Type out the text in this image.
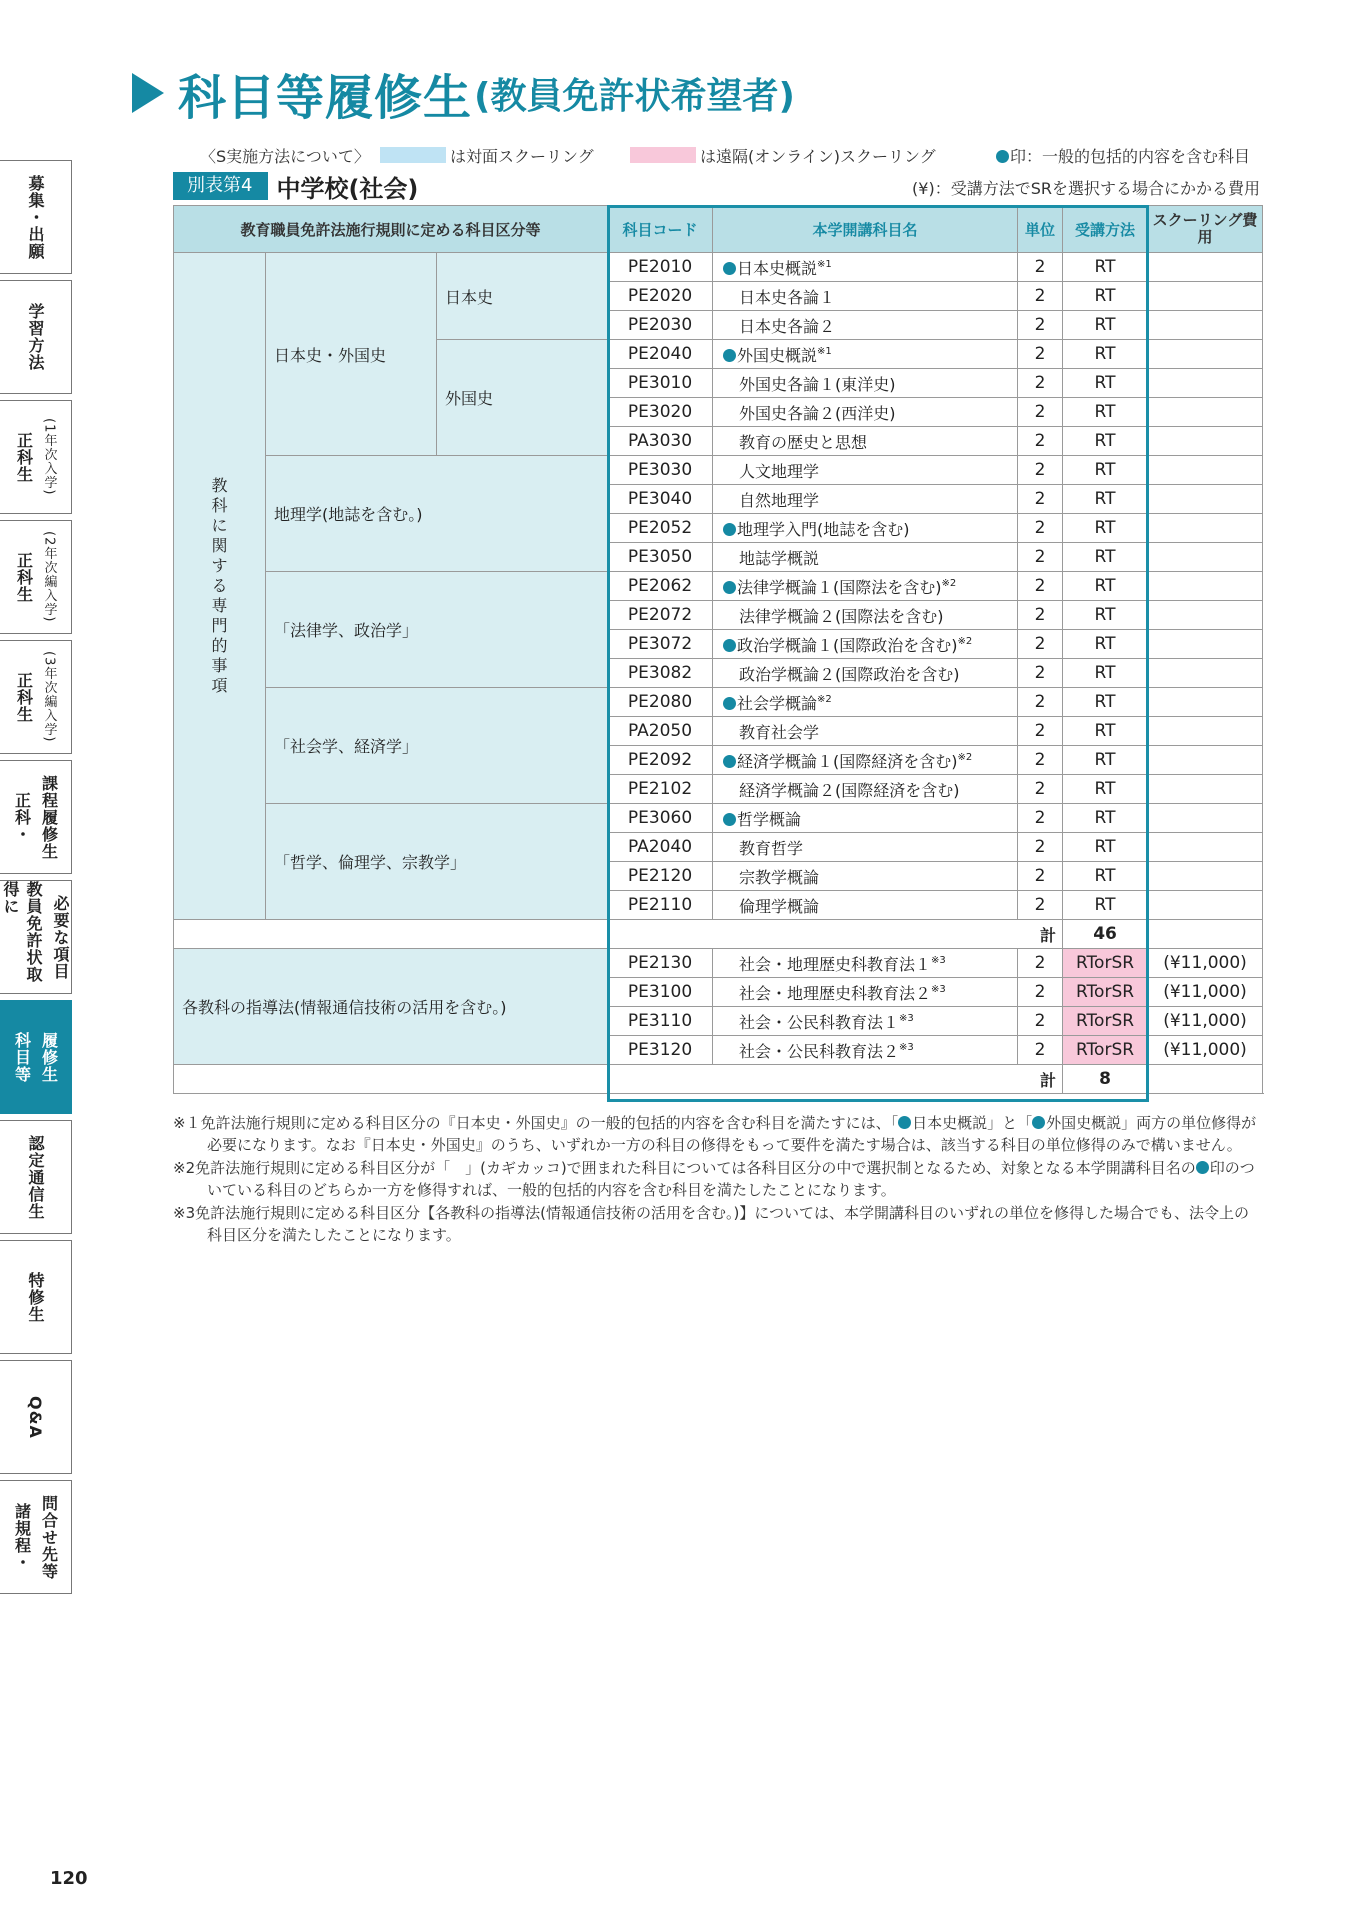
科目等履修生 (教員免許状希望者)
〈S実施方法について〉	は対面スクーリング	は遠隔(オンライン)スクーリング	印：一般的包括的内容を含む科目
別表第4	中学校(社会)	(¥)：受講方法でSRを選択する場合にかかる費用
教育職員免許法施行規則に定める科目区分等			科目コード	本学開講科目名	単位	受講方法	スクーリング費用
教科に関する専門的事項	日本史・外国史	日本史	PE2010	日本史概説$^{※1}$	2	RT	
			PE2020	日本史各論１	2	RT	
			PE2030	日本史各論２	2	RT	
		外国史	PE2040	外国史概説$^{※1}$	2	RT	
			PE3010	外国史各論１(東洋史)	2	RT	
			PE3020	外国史各論２(西洋史)	2	RT	
			PA3030	教育の歴史と思想	2	RT	
	地理学(地誌を含む。)		PE3030	人文地理学	2	RT	
			PE3040	自然地理学	2	RT	
			PE2052	地理学入門(地誌を含む)	2	RT	
			PE3050	地誌学概説	2	RT	
	「法律学、政治学」		PE2062	法律学概論１(国際法を含む)$^{※2}$	2	RT	
			PE2072	法律学概論２(国際法を含む)	2	RT	
			PE3072	政治学概論１(国際政治を含む)$^{※2}$	2	RT	
			PE3082	政治学概論２(国際政治を含む)	2	RT	
	「社会学、経済学」		PE2080	社会学概論$^{※2}$	2	RT	
			PA2050	教育社会学	2	RT	
			PE2092	経済学概論１(国際経済を含む)$^{※2}$	2	RT	
			PE2102	経済学概論２(国際経済を含む)	2	RT	
	「哲学、倫理学、宗教学」		PE3060	哲学概論	2	RT	
			PA2040	教育哲学	2	RT	
			PE2120	宗教学概論	2	RT	
			PE2110	倫理学概論	2	RT	
			計			46	
各教科の指導法(情報通信技術の活用を含む。)			PE2130	社会・地理歴史科教育法１$^{※3}$	2	RTorSR	(¥11,000)
			PE3100	社会・地理歴史科教育法２$^{※3}$	2	RTorSR	(¥11,000)
			PE3110	社会・公民科教育法１$^{※3}$	2	RTorSR	(¥11,000)
			PE3120	社会・公民科教育法２$^{※3}$	2	RTorSR	(¥11,000)
			計			8	

※１免許法施行規則に定める科目区分の『日本史・外国史』の一般的包括的内容を含む科目を満たすには、「 日本史概説」と「 外国史概説」両方の単位修得が必要になります。なお『日本史・外国史』のうち、いずれか一方の科目の修得をもって要件を満たす場合は、該当する科目の単位修得のみで構いません。

※2免許法施行規則に定める科目区分が「　」(カギカッコ)で囲まれた科目については各科目区分の中で選択制となるため、対象となる本学開講科目名の 印のついている科目のどちらか一方を修得すれば、一般的包括的内容を含む科目を満たしたことになります。

※3免許法施行規則に定める科目区分【各教科の指導法(情報通信技術の活用を含む。)】については、本学開講科目のいずれの単位を修得した場合でも、法令上の科目区分を満たしたことになります。

募集・出願
学習方法
正科生 (1年次入学)
正科生 (2年次編入学)
正科生 (3年次編入学)
正科・ 課程履修生
教員免許状取得に	必要な項目
科目等 履修生
認定通信生
特修生
Q&A
諸規程・ 問合せ先等
120
